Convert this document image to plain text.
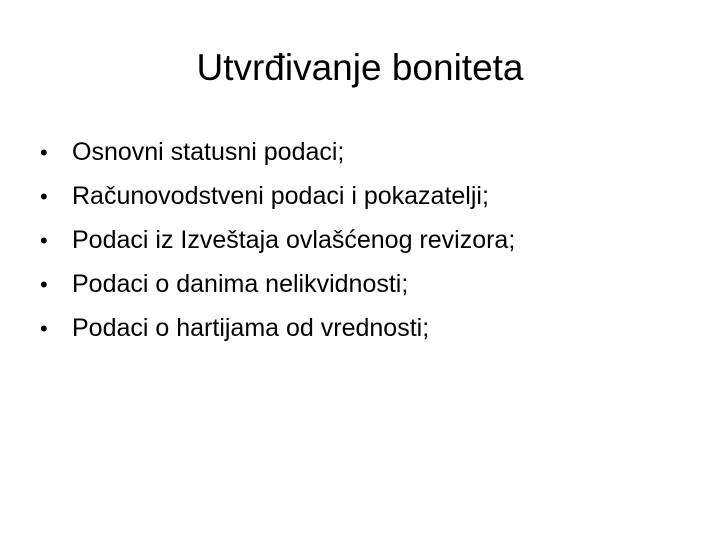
Utvrđivanje boniteta
• Osnovni statusni podaci;
• Računovodstveni podaci i pokazatelji;
• Podaci iz Izveštaja ovlašćenog revizora;
• Podaci o danima nelikvidnosti;
• Podaci o hartijama od vrednosti;
